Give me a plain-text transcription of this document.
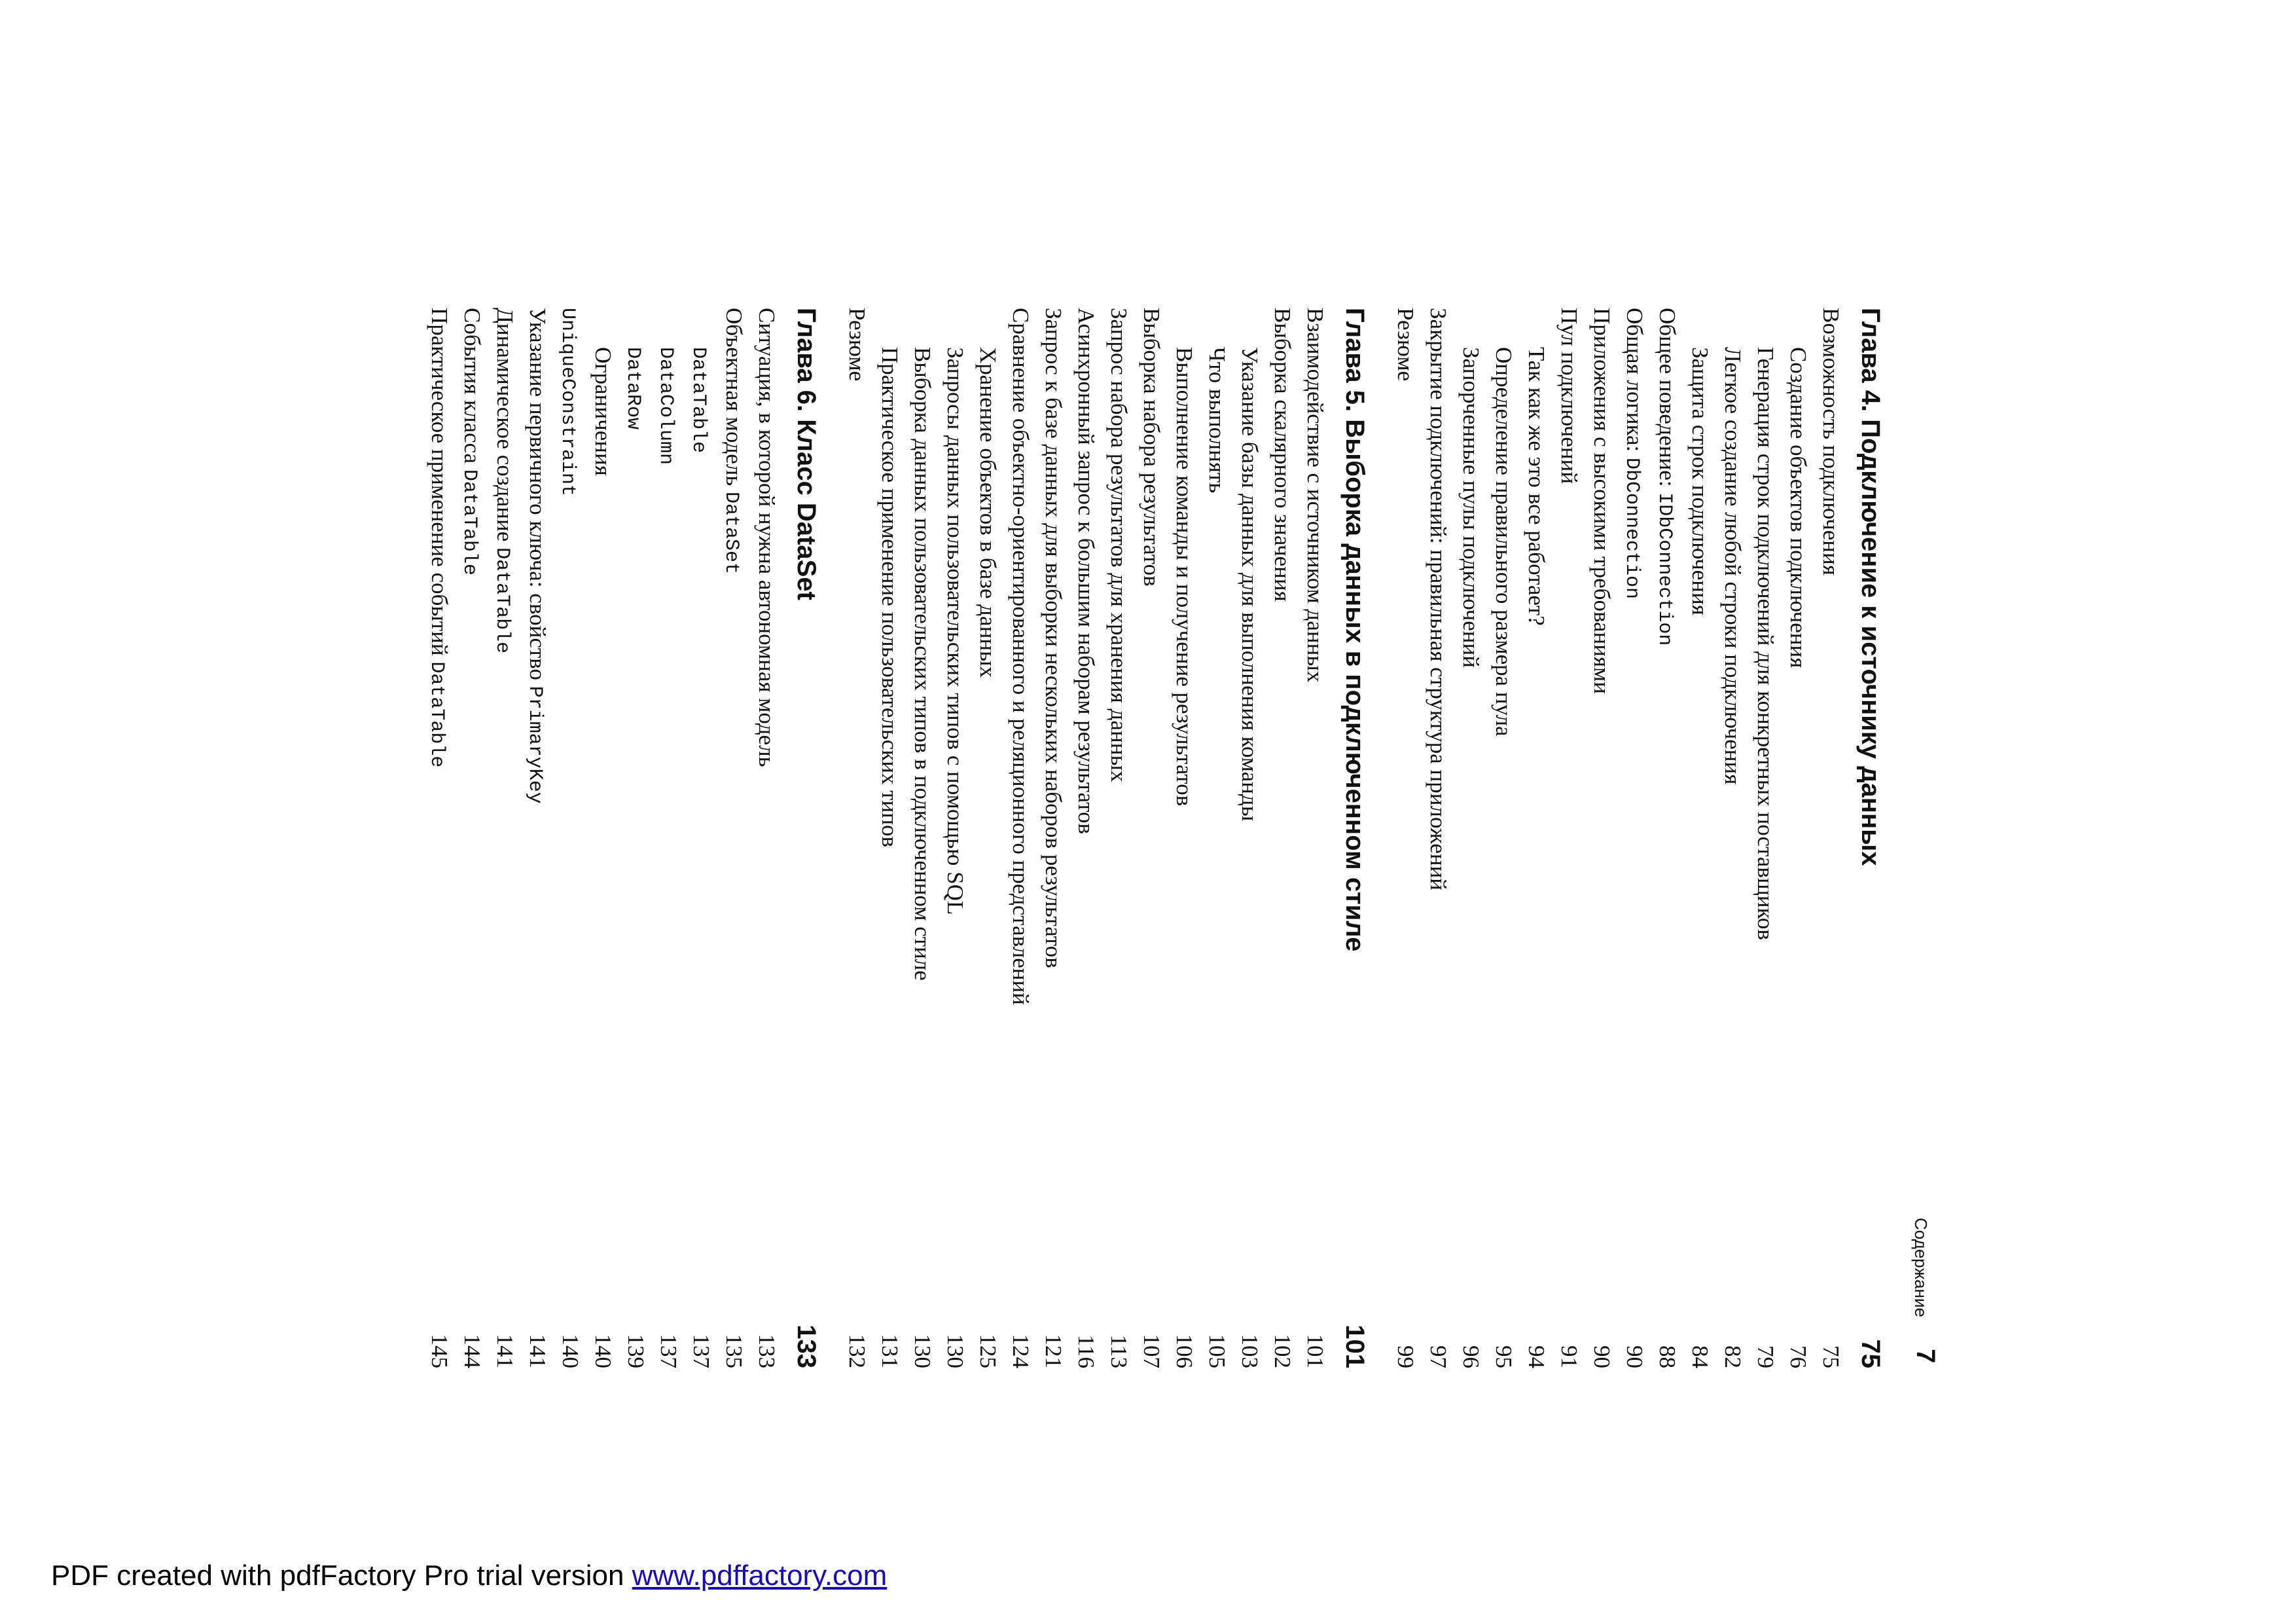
Содержание
7
Глава 4. Подключение к источнику данных
75
Возможность подключения
75
Создание объектов подключения
76
Генерация строк подключений для конкретных поставщиков
79
Легкое создание любой строки подключения
82
Защита строк подключения
84
Общее поведение: IDbConnection
88
Общая логика: DbConnection
90
Приложения с высокими требованиями
90
Пул подключений
91
Так как же это все работает?
94
Определение правильного размера пула
95
Запорченные пулы подключений
96
Закрытие подключений: правильная структура приложений
97
Резюме
99
Глава 5. Выборка данных в подключенном стиле
101
Взаимодействие с источником данных
101
Выборка скалярного значения
102
Указание базы данных для выполнения команды
103
Что выполнять
105
Выполнение команды и получение результатов
106
Выборка набора результатов
107
Запрос набора результатов для хранения данных
113
Асинхронный запрос к большим наборам результатов
116
Запрос к базе данных для выборки нескольких наборов результатов
121
Сравнение объектно-ориентированного и реляционного представлений
124
Хранение объектов в базе данных
125
Запросы данных пользовательских типов с помощью SQL
130
Выборка данных пользовательских типов в подключенном стиле
130
Практическое применение пользовательских типов
131
Резюме
132
Глава 6. Класс DataSet
133
Ситуация, в которой нужна автономная модель
133
Объектная модель DataSet
135
DataTable
137
DataColumn
137
DataRow
139
Ограничения
140
UniqueConstraint
140
Указание первичного ключа: свойство PrimaryKey
141
Динамическое создание DataTable
141
События класса DataTable
144
Практическое применение событий DataTable
145
PDF created with pdfFactory Pro trial version www.pdffactory.com
